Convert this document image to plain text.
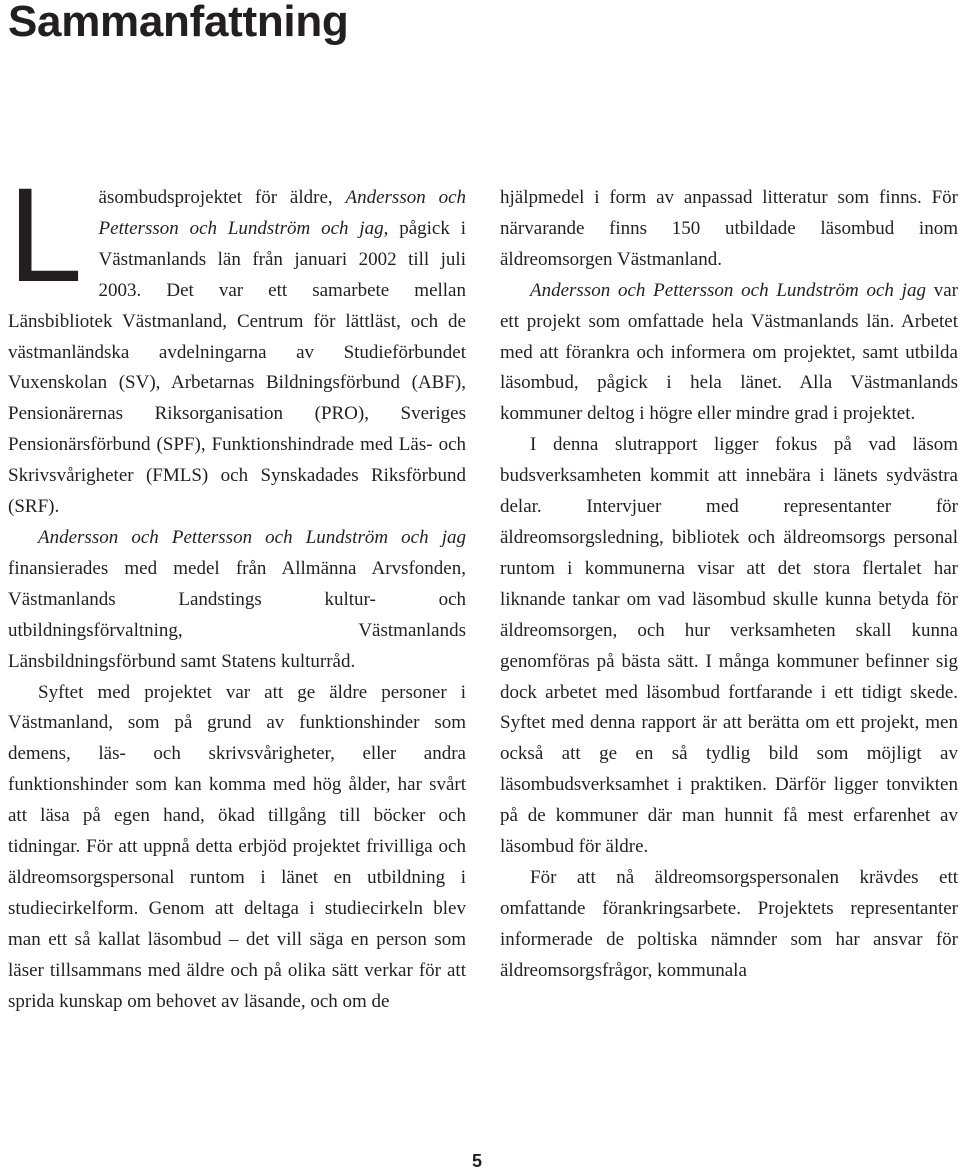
Sammanfattning

Läsombudsprojektet för äldre, Andersson och Pettersson och Lundström och jag, pågick i Västmanlands län från januari 2002 till juli 2003. Det var ett samarbete mellan Länsbibliotek Västmanland, Centrum för lättläst, och de västmanländska avdelningarna av Studieförbundet Vuxenskolan (SV), Arbetarnas Bildningsförbund (ABF), Pensionärernas Riksorganisation (PRO), Sveriges Pensionärsförbund (SPF), Funktionshindrade med Läs- och Skrivsvårigheter (FMLS) och Synskadades Riksförbund (SRF).

Andersson och Pettersson och Lundström och jag finansierades med medel från Allmänna Arvsfonden, Västmanlands Landstings kultur- och utbildningsförvaltning, Västmanlands Länsbildningsförbund samt Statens kulturråd.

Syftet med projektet var att ge äldre personer i Västmanland, som på grund av funktionshinder som demens, läs- och skrivsvårigheter, eller andra funktionshinder som kan komma med hög ålder, har svårt att läsa på egen hand, ökad tillgång till böcker och tidningar. För att uppnå detta erbjöd projektet frivilliga och äldreomsorgspersonal runtom i länet en utbildning i studiecirkelform. Genom att deltaga i studiecirkeln blev man ett så kallat läsombud – det vill säga en person som läser tillsammans med äldre och på olika sätt verkar för att sprida kunskap om behovet av läsande, och om de

hjälpmedel i form av anpassad litteratur som finns. För närvarande finns 150 utbildade läsombud inom äldreomsorgen Västmanland.

Andersson och Pettersson och Lundström och jag var ett projekt som omfattade hela Västmanlands län. Arbetet med att förankra och informera om projektet, samt utbilda läsombud, pågick i hela länet. Alla Västmanlands kommuner deltog i högre eller mindre grad i projektet.

I denna slutrapport ligger fokus på vad läsom budsverksamheten kommit att innebära i länets sydvästra delar. Intervjuer med representanter för äldreomsorgsledning, bibliotek och äldreomsorgs personal runtom i kommunerna visar att det stora flertalet har liknande tankar om vad läsombud skulle kunna betyda för äldreomsorgen, och hur verksamheten skall kunna genomföras på bästa sätt. I många kommuner befinner sig dock arbetet med läsombud fortfarande i ett tidigt skede. Syftet med denna rapport är att berätta om ett projekt, men också att ge en så tydlig bild som möjligt av läsombudsverksamhet i praktiken. Därför ligger tonvikten på de kommuner där man hunnit få mest erfarenhet av läsombud för äldre.

För att nå äldreomsorgspersonalen krävdes ett omfattande förankringsarbete. Projektets representanter informerade de poltiska nämnder som har ansvar för äldreomsorgsfrågor, kommunala

5
